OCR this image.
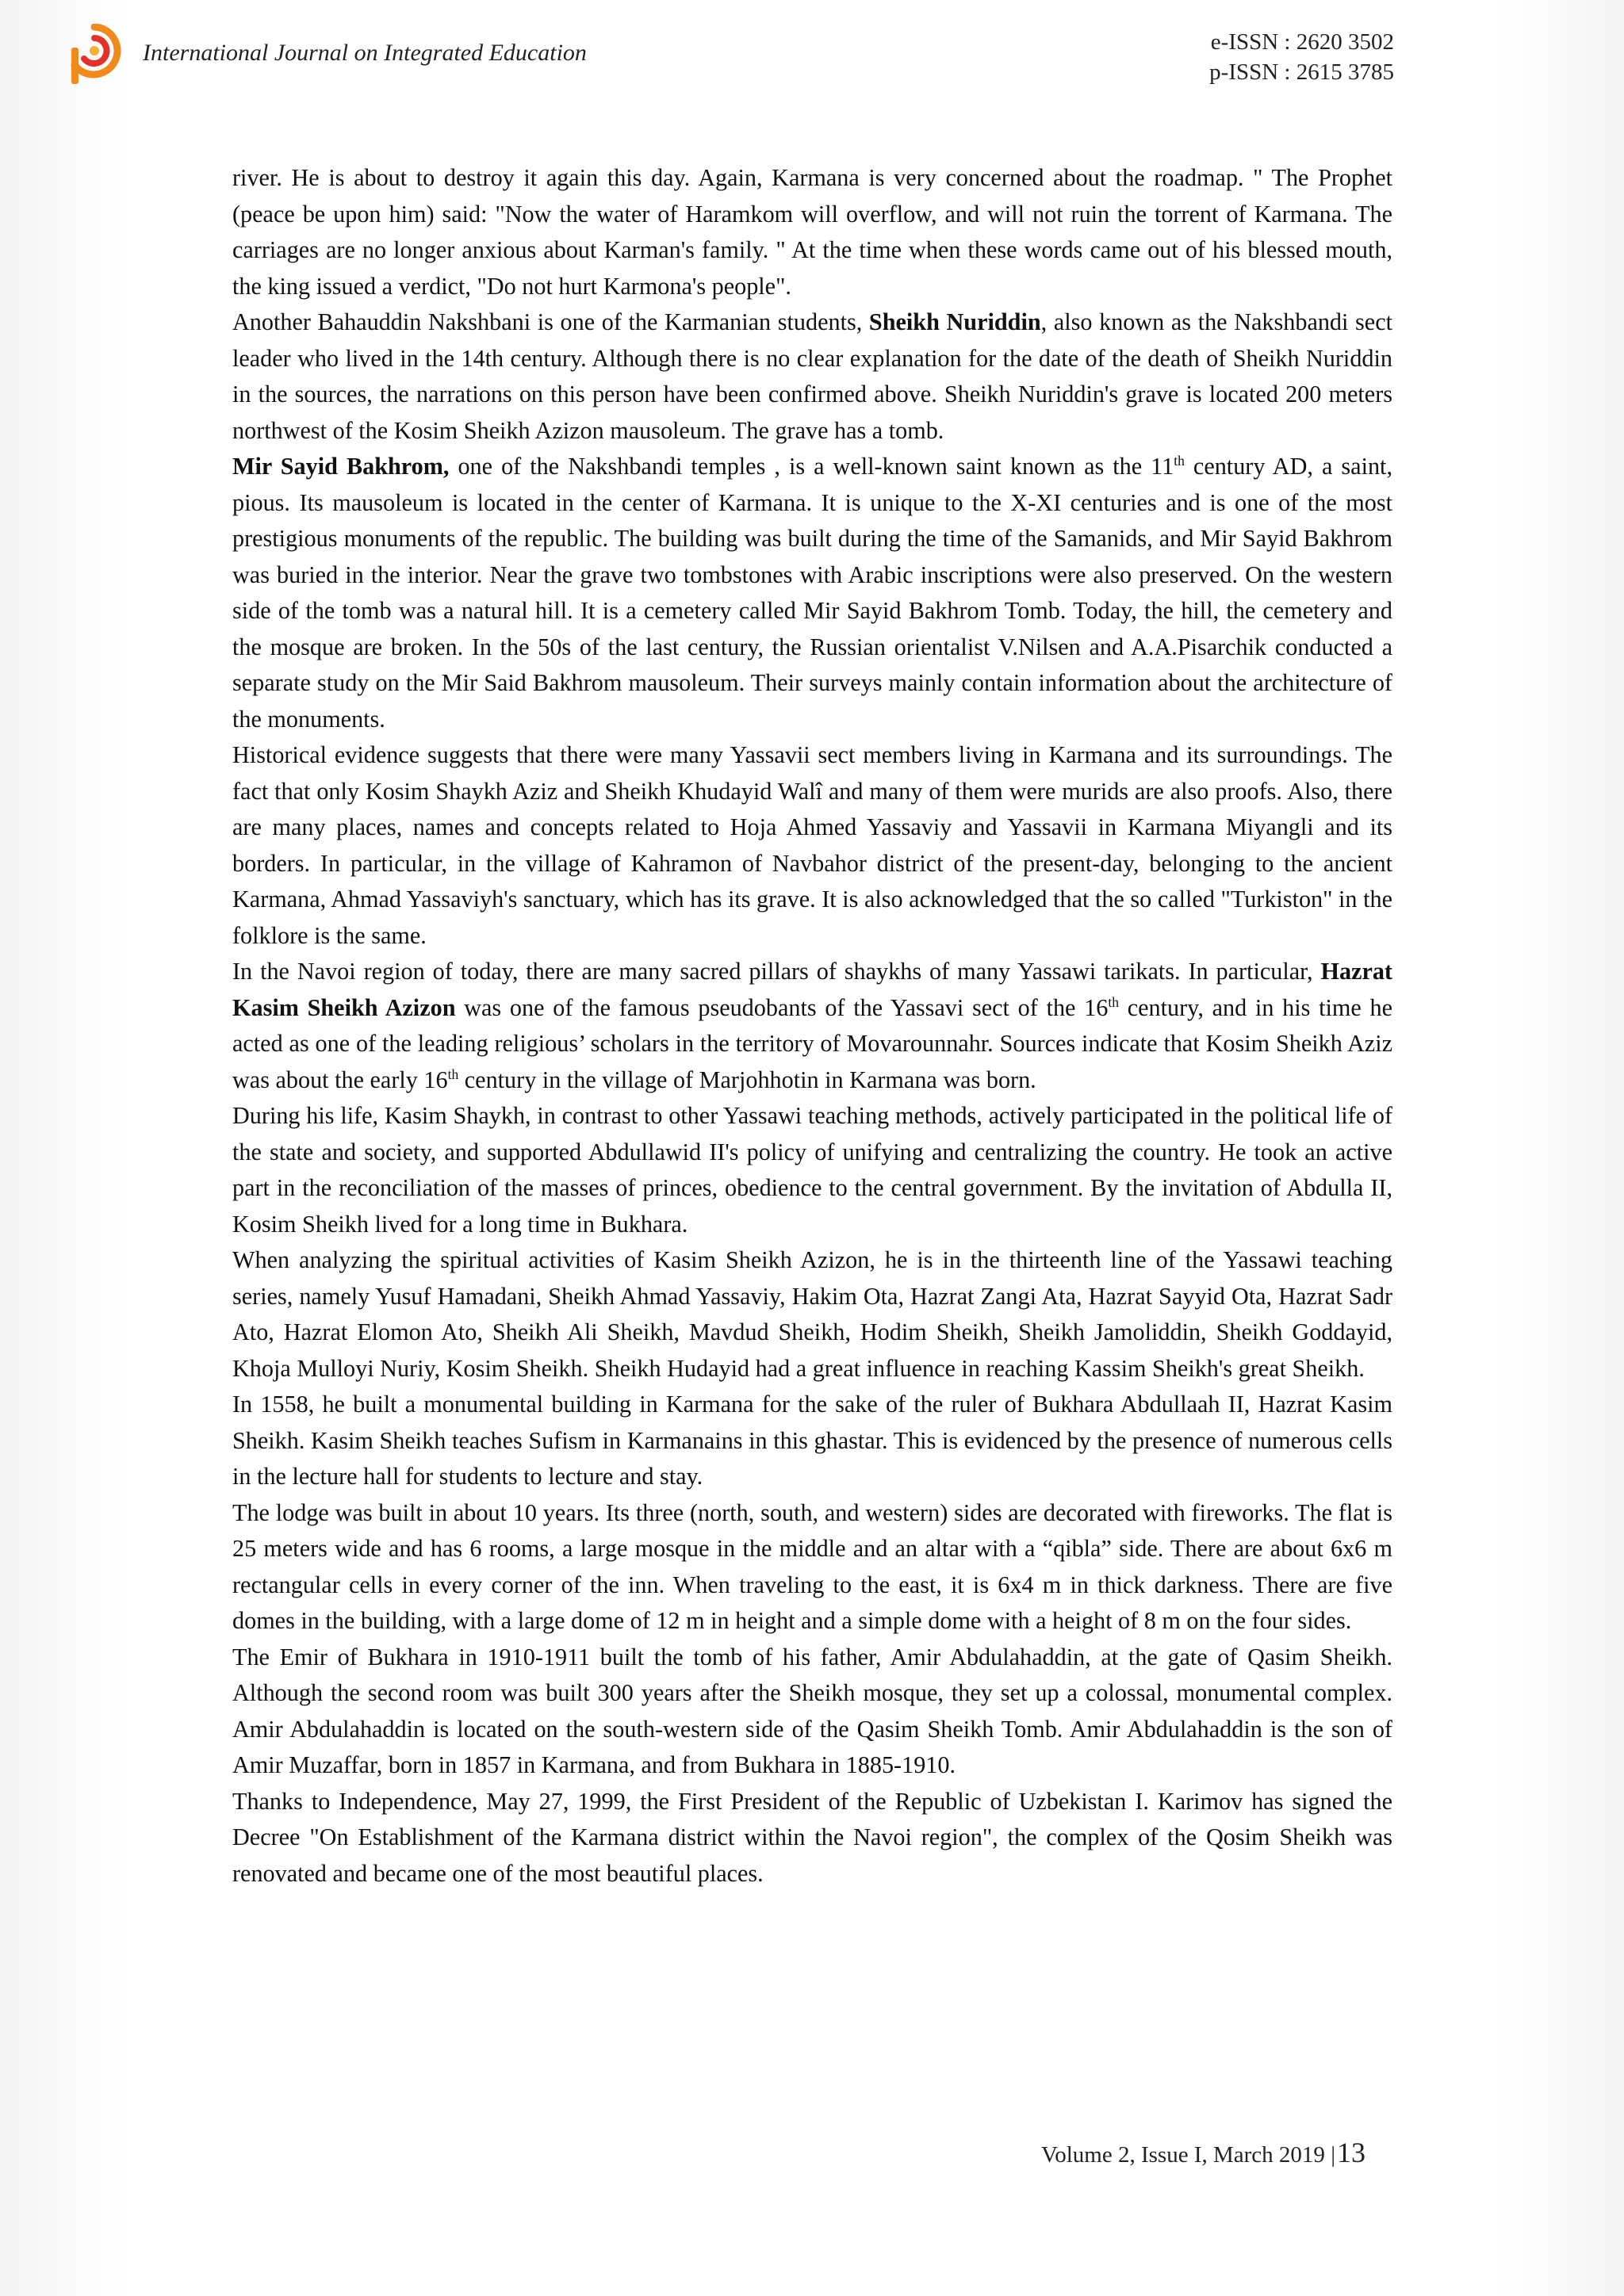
International Journal on Integrated Education	e-ISSN : 2620 3502
p-ISSN : 2615 3785

river. He is about to destroy it again this day. Again, Karmana is very concerned about the roadmap. " The Prophet (peace be upon him) said: "Now the water of Haramkom will overflow, and will not ruin the torrent of Karmana. The carriages are no longer anxious about Karman's family. " At the time when these words came out of his blessed mouth, the king issued a verdict, "Do not hurt Karmona's people".

Another Bahauddin Nakshbani is one of the Karmanian students, Sheikh Nuriddin, also known as the Nakshbandi sect leader who lived in the 14th century. Although there is no clear explanation for the date of the death of Sheikh Nuriddin in the sources, the narrations on this person have been confirmed above. Sheikh Nuriddin's grave is located 200 meters northwest of the Kosim Sheikh Azizon mausoleum. The grave has a tomb.

Mir Sayid Bakhrom, one of the Nakshbandi temples , is a well-known saint known as the 11th century AD, a saint, pious. Its mausoleum is located in the center of Karmana. It is unique to the X-XI centuries and is one of the most prestigious monuments of the republic. The building was built during the time of the Samanids, and Mir Sayid Bakhrom was buried in the interior. Near the grave two tombstones with Arabic inscriptions were also preserved. On the western side of the tomb was a natural hill. It is a cemetery called Mir Sayid Bakhrom Tomb. Today, the hill, the cemetery and the mosque are broken. In the 50s of the last century, the Russian orientalist V.Nilsen and A.A.Pisarchik conducted a separate study on the Mir Said Bakhrom mausoleum. Their surveys mainly contain information about the architecture of the monuments.

Historical evidence suggests that there were many Yassavii sect members living in Karmana and its surroundings. The fact that only Kosim Shaykh Aziz and Sheikh Khudayid Walî and many of them were murids are also proofs. Also, there are many places, names and concepts related to Hoja Ahmed Yassaviy and Yassavii in Karmana Miyangli and its borders. In particular, in the village of Kahramon of Navbahor district of the present-day, belonging to the ancient Karmana, Ahmad Yassaviyh's sanctuary, which has its grave. It is also acknowledged that the so called "Turkiston" in the folklore is the same.

In the Navoi region of today, there are many sacred pillars of shaykhs of many Yassawi tarikats. In particular, Hazrat Kasim Sheikh Azizon was one of the famous pseudobants of the Yassavi sect of the 16th century, and in his time he acted as one of the leading religious’ scholars in the territory of Movarounnahr. Sources indicate that Kosim Sheikh Aziz was about the early 16th century in the village of Marjohhotin in Karmana was born.

During his life, Kasim Shaykh, in contrast to other Yassawi teaching methods, actively participated in the political life of the state and society, and supported Abdullawid II's policy of unifying and centralizing the country. He took an active part in the reconciliation of the masses of princes, obedience to the central government. By the invitation of Abdulla II, Kosim Sheikh lived for a long time in Bukhara.

When analyzing the spiritual activities of Kasim Sheikh Azizon, he is in the thirteenth line of the Yassawi teaching series, namely Yusuf Hamadani, Sheikh Ahmad Yassaviy, Hakim Ota, Hazrat Zangi Ata, Hazrat Sayyid Ota, Hazrat Sadr Ato, Hazrat Elomon Ato, Sheikh Ali Sheikh, Mavdud Sheikh, Hodim Sheikh, Sheikh Jamoliddin, Sheikh Goddayid, Khoja Mulloyi Nuriy, Kosim Sheikh. Sheikh Hudayid had a great influence in reaching Kassim Sheikh's great Sheikh.

In 1558, he built a monumental building in Karmana for the sake of the ruler of Bukhara Abdullaah II, Hazrat Kasim Sheikh. Kasim Sheikh teaches Sufism in Karmanains in this ghastar. This is evidenced by the presence of numerous cells in the lecture hall for students to lecture and stay.

The lodge was built in about 10 years. Its three (north, south, and western) sides are decorated with fireworks. The flat is 25 meters wide and has 6 rooms, a large mosque in the middle and an altar with a “qibla” side. There are about 6x6 m rectangular cells in every corner of the inn. When traveling to the east, it is 6x4 m in thick darkness. There are five domes in the building, with a large dome of 12 m in height and a simple dome with a height of 8 m on the four sides.

The Emir of Bukhara in 1910-1911 built the tomb of his father, Amir Abdulahaddin, at the gate of Qasim Sheikh. Although the second room was built 300 years after the Sheikh mosque, they set up a colossal, monumental complex. Amir Abdulahaddin is located on the south-western side of the Qasim Sheikh Tomb. Amir Abdulahaddin is the son of Amir Muzaffar, born in 1857 in Karmana, and from Bukhara in 1885-1910.

Thanks to Independence, May 27, 1999, the First President of the Republic of Uzbekistan I. Karimov has signed the Decree "On Establishment of the Karmana district within the Navoi region", the complex of the Qosim Sheikh was renovated and became one of the most beautiful places.

Volume 2, Issue I, March 2019 |13
